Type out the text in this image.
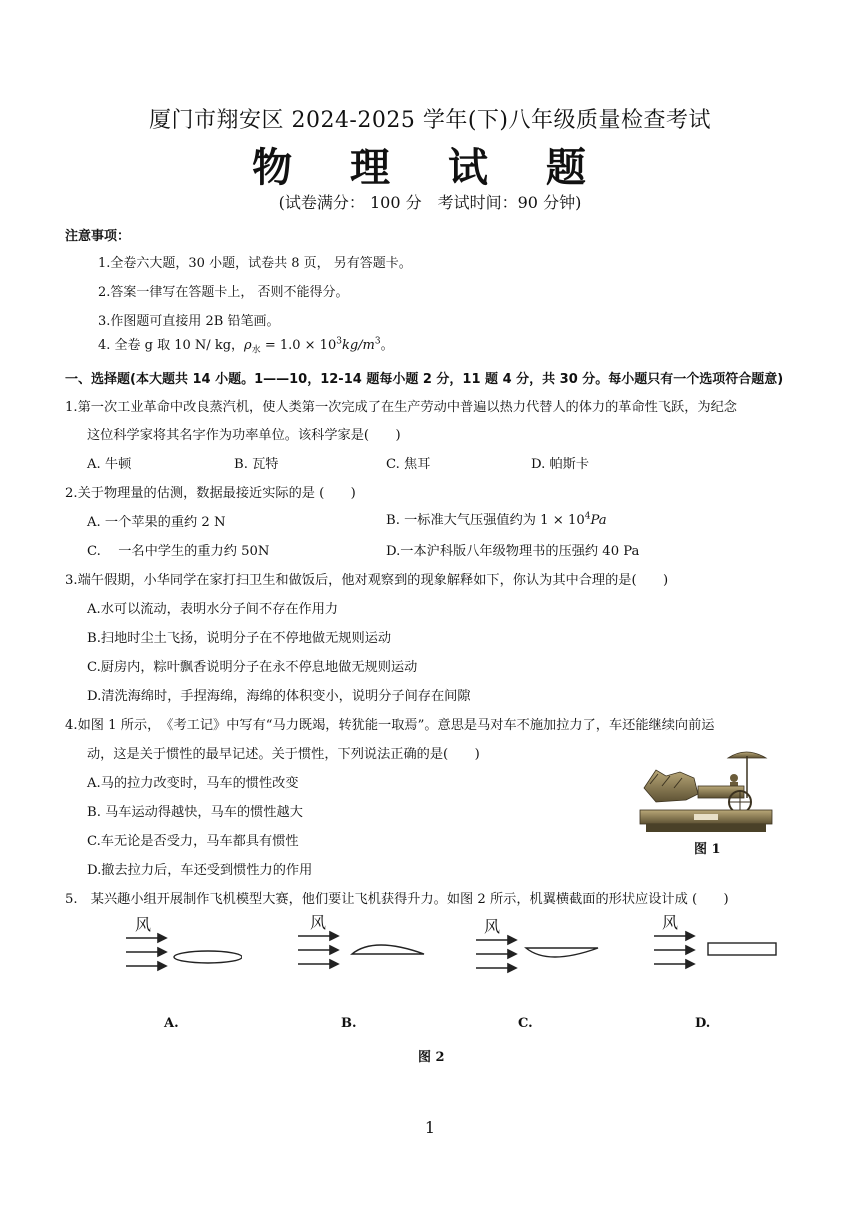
厦门市翔安区 2024-2025 学年(下)八年级质量检查考试
物 理 试 题
(试卷满分： 100 分　考试时间：90 分钟)
注意事项：
1.全卷六大题，30 小题，试卷共 8 页， 另有答题卡。
2.答案一律写在答题卡上， 否则不能得分。
3.作图题可直接用 2B 铅笔画。
4. 全卷 g 取 10 N/ kg，$\rho_水 = 1.0 \times 10^3kg/m^3$。
一、选择题(本大题共 14 小题。1——10，12-14 题每小题 2 分，11 题 4 分，共 30 分。每小题只有一个选项符合题意)
1.第一次工业革命中改良蒸汽机，使人类第一次完成了在生产劳动中普遍以热力代替人的体力的革命性飞跃，为纪念
这位科学家将其名字作为功率单位。该科学家是(　　)
A. 牛顿	B. 瓦特	C. 焦耳	D. 帕斯卡
2.关于物理量的估测，数据最接近实际的是 (　　)
A. 一个苹果的重约 2 N	B. 一标准大气压强值约为 $1 \times 10^4Pa$
C.　 一名中学生的重力约 50N	D.一本沪科版八年级物理书的压强约 40 Pa
3.端午假期，小华同学在家打扫卫生和做饭后，他对观察到的现象解释如下，你认为其中合理的是(　　)
A.水可以流动，表明水分子间不存在作用力
B.扫地时尘土飞扬，说明分子在不停地做无规则运动
C.厨房内，粽叶飘香说明分子在永不停息地做无规则运动
D.清洗海绵时，手捏海绵，海绵的体积变小，说明分子间存在间隙
4.如图 1 所示，　《考工记》中写有“马力既竭，转犹能一取焉”。意思是马对车不施加拉力了，车还能继续向前运
动，这是关于惯性的最早记述。关于惯性，下列说法正确的是(　　)
A.马的拉力改变时，马车的惯性改变
B. 马车运动得越快，马车的惯性越大
C.车无论是否受力，马车都具有惯性
D.撤去拉力后，车还受到惯性力的作用
图 1
5.　某兴趣小组开展制作飞机模型大赛，他们要让飞机获得升力。如图 2 所示，机翼横截面的形状应设计成 (　　)
风	风	风	风
A.	B.	C.	D.
图 2
1
